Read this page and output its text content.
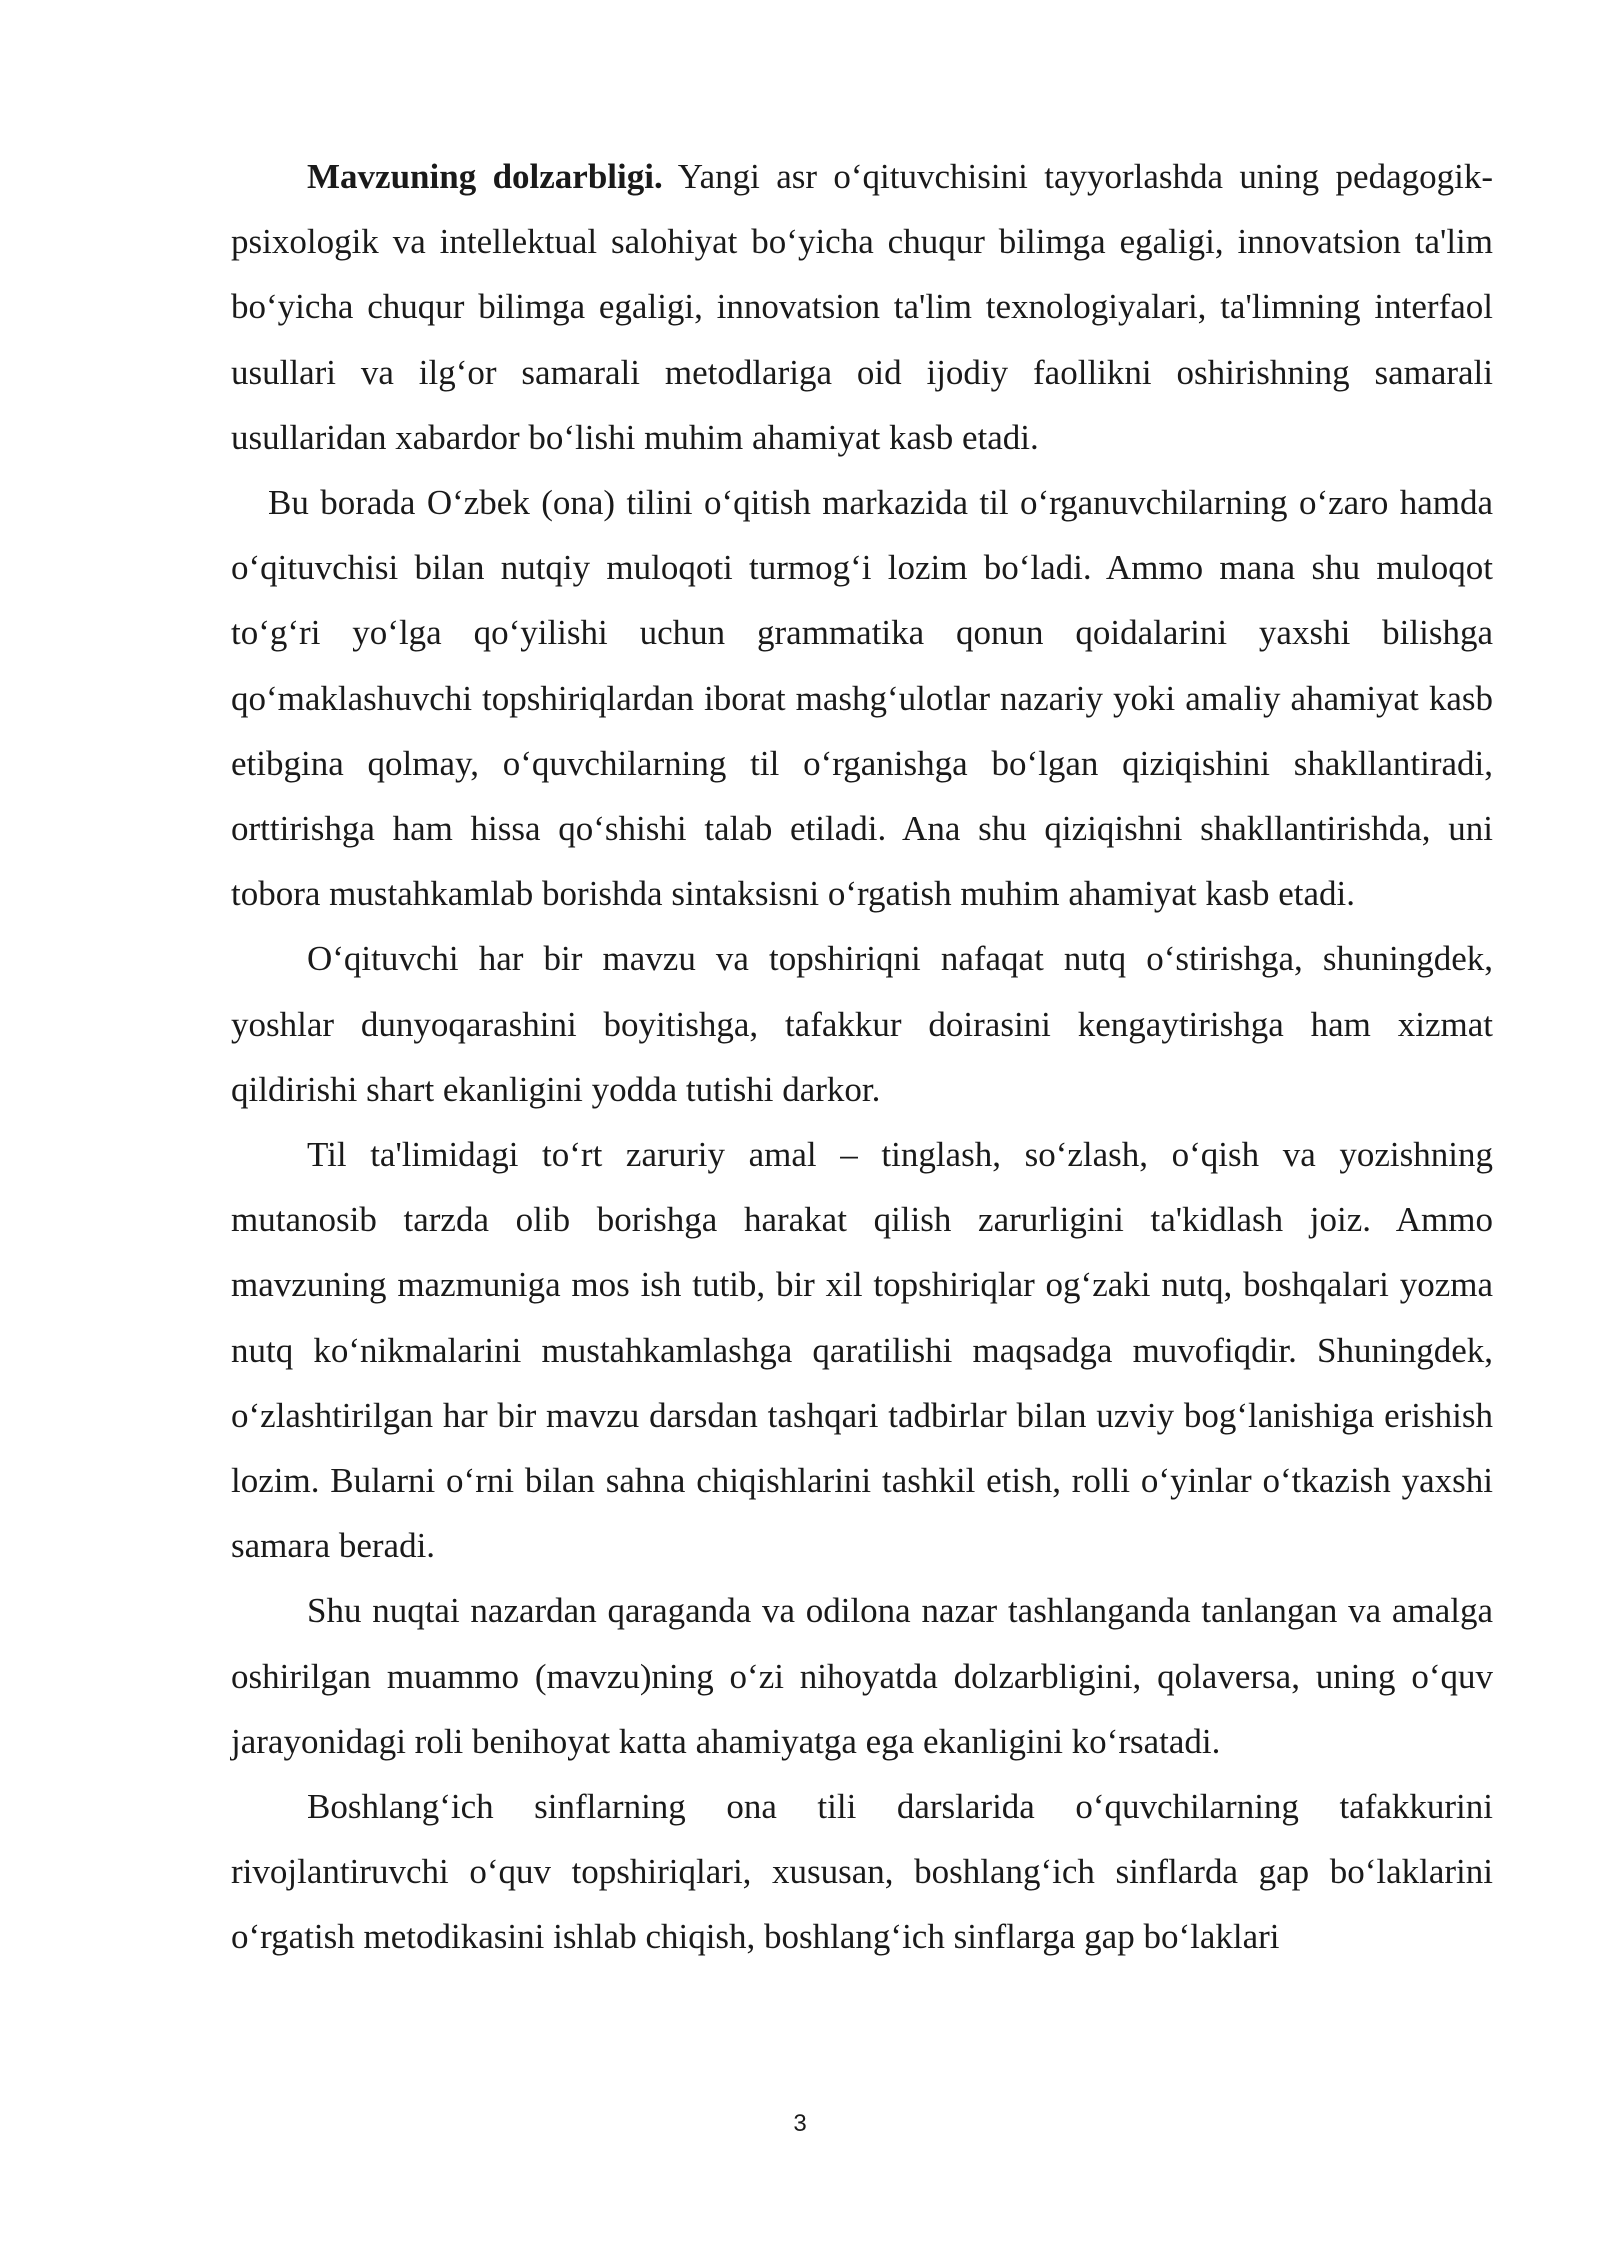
Mavzuning dolzarbligi. Yangi asr o‘qituvchisini tayyorlashda uning pedagogik-psixologik va intellektual salohiyat bo‘yicha chuqur bilimga egaligi, innovatsion ta'lim bo‘yicha chuqur bilimga egaligi, innovatsion ta'lim texnologiyalari, ta'limning interfaol usullari va ilg‘or samarali metodlariga oid ijodiy faollikni oshirishning samarali usullaridan xabardor bo‘lishi muhim ahamiyat kasb etadi.

Bu borada O‘zbek (ona) tilini o‘qitish markazida til o‘rganuvchilarning o‘zaro hamda o‘qituvchisi bilan nutqiy muloqoti turmog‘i lozim bo‘ladi. Ammo mana shu muloqot to‘g‘ri yo‘lga qo‘yilishi uchun grammatika qonun qoidalarini yaxshi bilishga qo‘maklashuvchi topshiriqlardan iborat mashg‘ulotlar nazariy yoki amaliy ahamiyat kasb etibgina qolmay, o‘quvchilarning til o‘rganishga bo‘lgan qiziqishini shakllantiradi, orttirishga ham hissa qo‘shishi talab etiladi. Ana shu qiziqishni shakllantirishda, uni tobora mustahkamlab borishda sintaksisni o‘rgatish muhim ahamiyat kasb etadi.

O‘qituvchi har bir mavzu va topshiriqni nafaqat nutq o‘stirishga, shuningdek, yoshlar dunyoqarashini boyitishga, tafakkur doirasini kengaytirishga ham xizmat qildirishi shart ekanligini yodda tutishi darkor.

Til ta'limidagi to‘rt zaruriy amal – tinglash, so‘zlash, o‘qish va yozishning mutanosib tarzda olib borishga harakat qilish zarurligini ta'kidlash joiz. Ammo mavzuning mazmuniga mos ish tutib, bir xil topshiriqlar og‘zaki nutq, boshqalari yozma nutq ko‘nikmalarini mustahkamlashga qaratilishi maqsadga muvofiqdir. Shuningdek, o‘zlashtirilgan har bir mavzu darsdan tashqari tadbirlar bilan uzviy bog‘lanishiga erishish lozim. Bularni o‘rni bilan sahna chiqishlarini tashkil etish, rolli o‘yinlar o‘tkazish yaxshi samara beradi.

Shu nuqtai nazardan qaraganda va odilona nazar tashlanganda tanlangan va amalga oshirilgan muammo (mavzu)ning o‘zi nihoyatda dolzarbligini, qolaversa, uning o‘quv jarayonidagi roli benihoyat katta ahamiyatga ega ekanligini ko‘rsatadi.

Boshlang‘ich sinflarning ona tili darslarida o‘quvchilarning tafakkurini rivojlantiruvchi o‘quv topshiriqlari, xususan, boshlang‘ich sinflarda gap bo‘laklarini o‘rgatish metodikasini ishlab chiqish, boshlang‘ich sinflarga gap bo‘laklari

3
